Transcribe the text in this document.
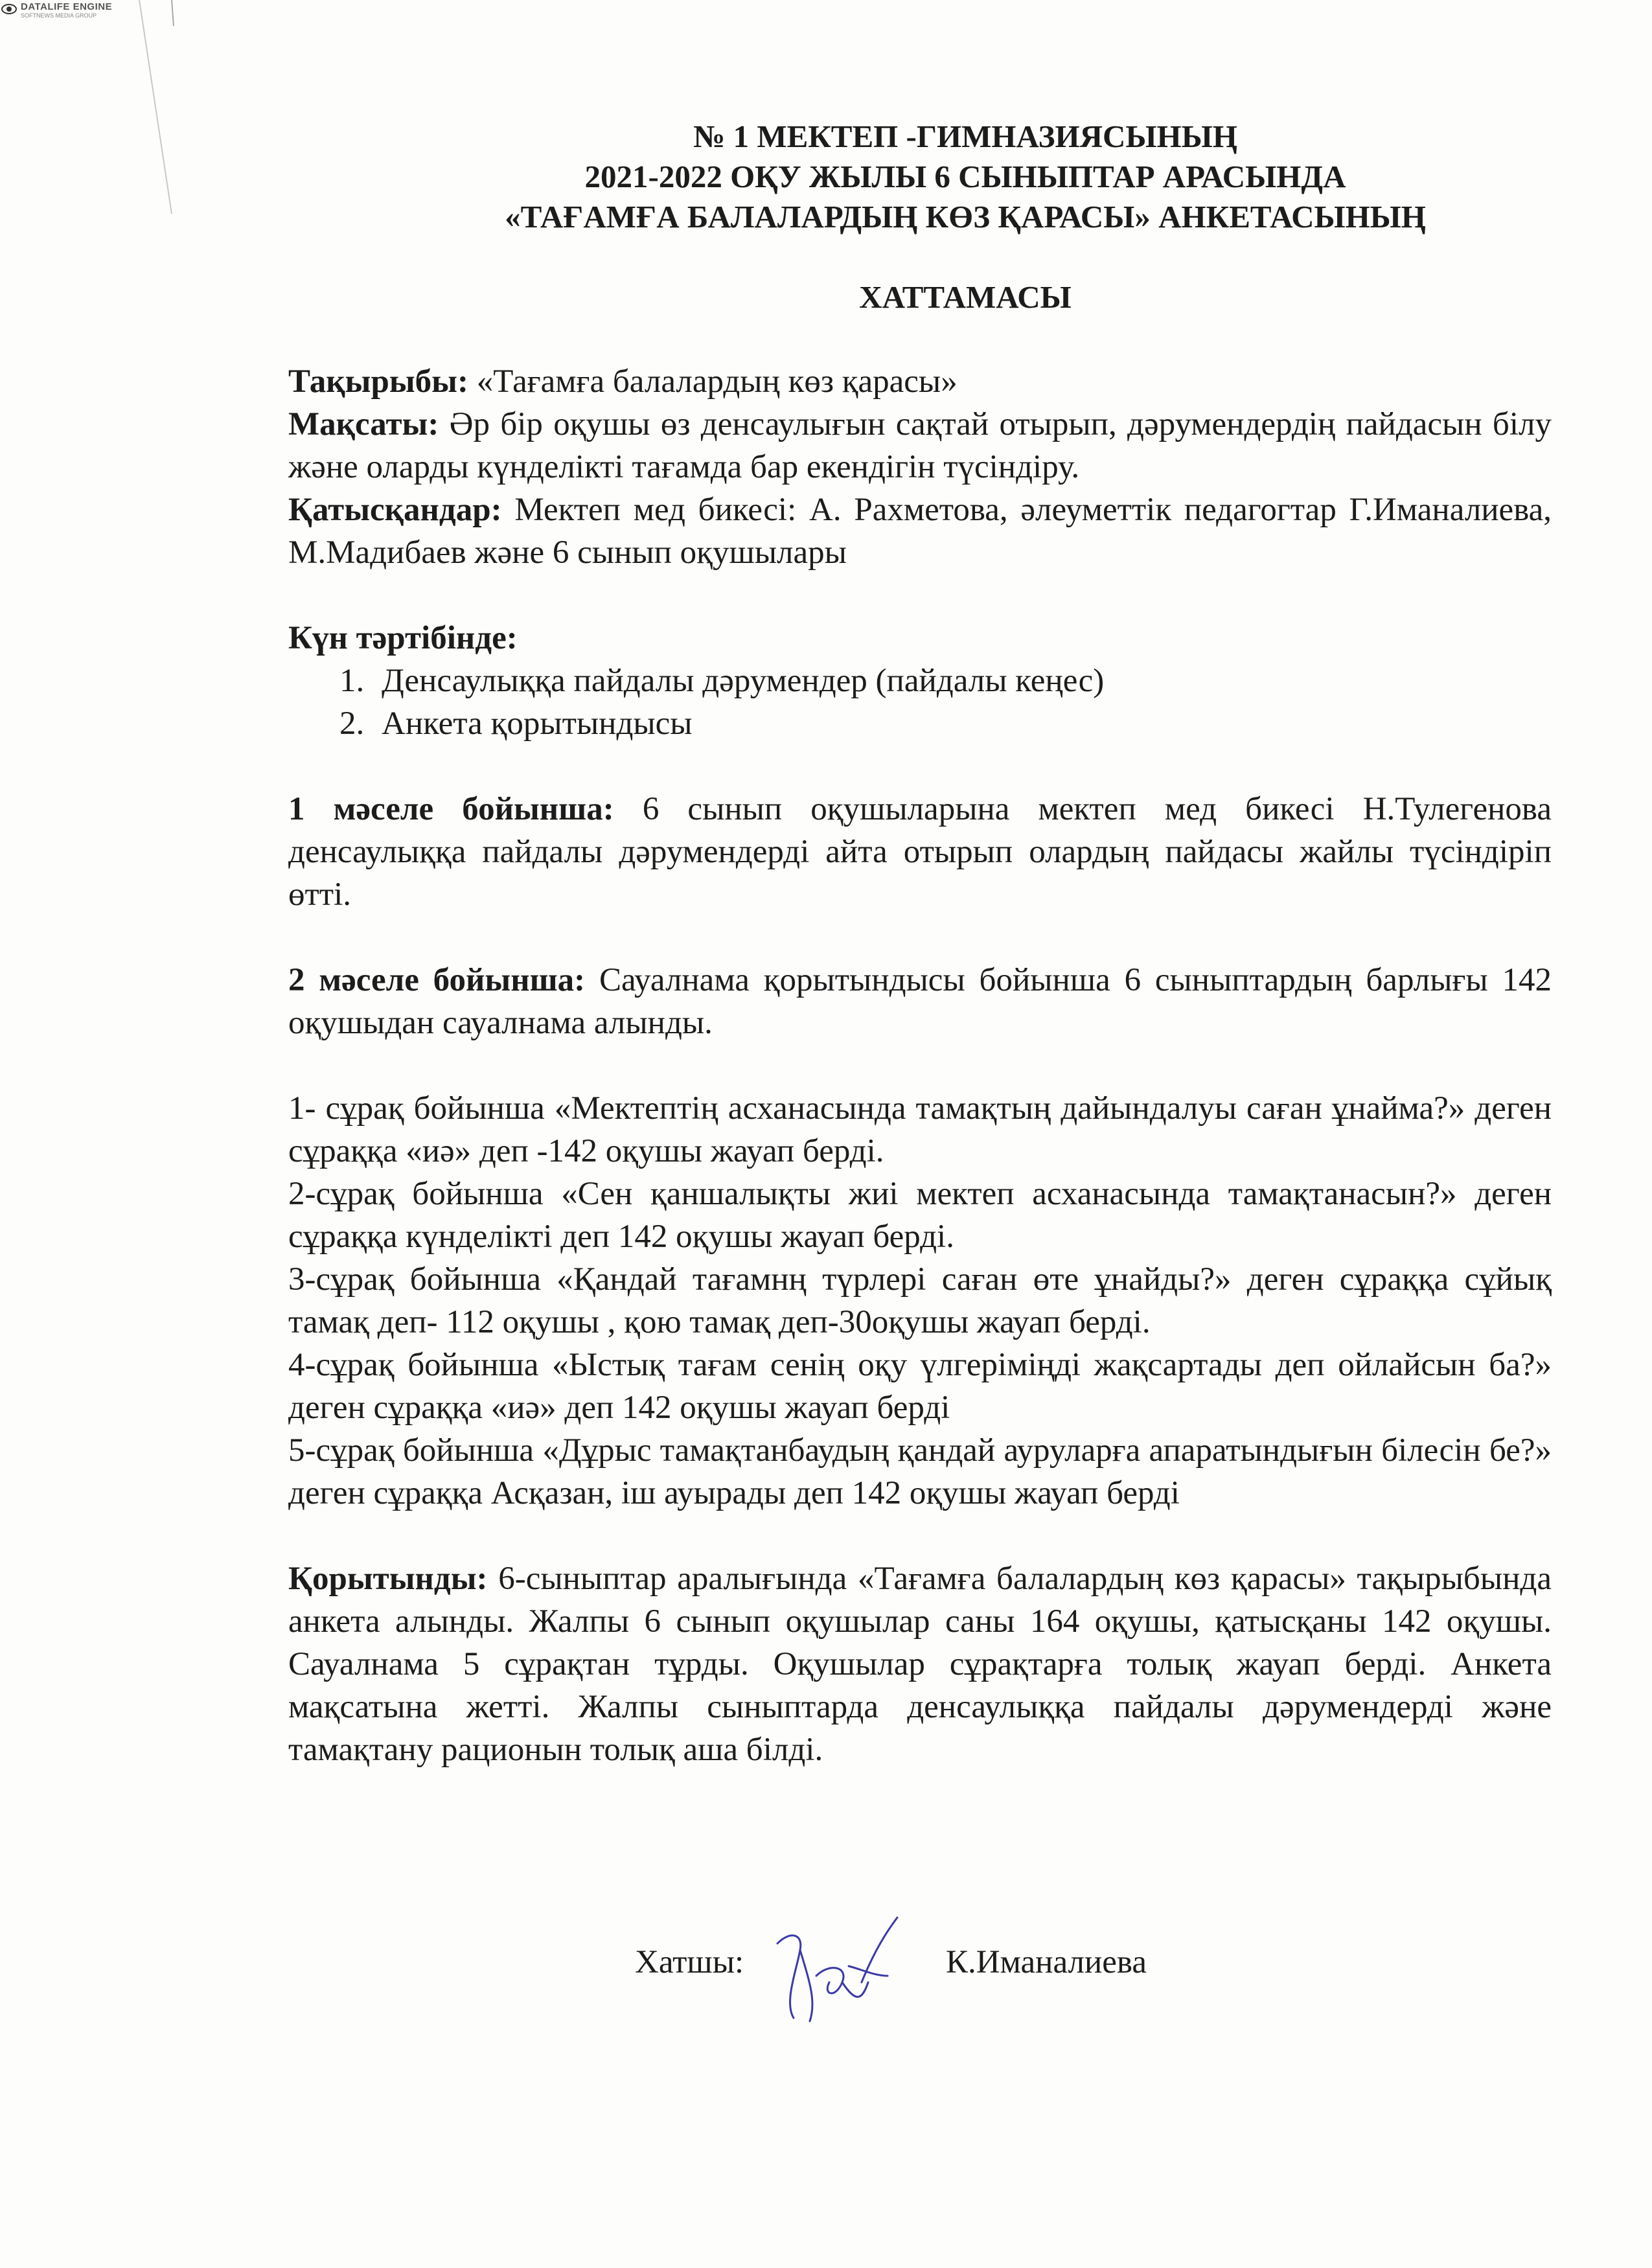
DATALIFE ENGINE
SOFTNEWS MEDIA GROUP
№ 1 МЕКТЕП -ГИМНАЗИЯСЫНЫҢ
2021-2022 ОҚУ ЖЫЛЫ 6 СЫНЫПТАР АРАСЫНДА
«ТАҒАМҒА БАЛАЛАРДЫҢ КӨЗ ҚАРАСЫ» АНКЕТАСЫНЫҢ
ХАТТАМАСЫ

Тақырыбы: «Тағамға балалардың көз қарасы»

Мақсаты: Әр бір оқушы өз денсаулығын сақтай отырып, дәрумендердің пайдасын білу және оларды күнделікті тағамда бар екендігін түсіндіру.

Қатысқандар: Мектеп мед бикесі: А. Рахметова, әлеуметтік педагогтар Г.Иманалиева, М.Мадибаев және 6 сынып оқушылары

Күн тәртібінде:

1. Денсаулыққа пайдалы дәрумендер (пайдалы кеңес)
2. Анкета қорытындысы

1 мәселе бойынша: 6 сынып оқушыларына мектеп мед бикесі Н.Тулегенова денсаулыққа пайдалы дәрумендерді айта отырып олардың пайдасы жайлы түсіндіріп өтті.

2 мәселе бойынша: Сауалнама қорытындысы бойынша 6 сыныптардың барлығы 142 оқушыдан сауалнама алынды.

1- сұрақ бойынша «Мектептің асханасында тамақтың дайындалуы саған ұнайма?» деген сұраққа «иә» деп -142 оқушы жауап берді.

2-сұрақ бойынша «Сен қаншалықты жиі мектеп асханасында тамақтанасын?» деген сұраққа күнделікті деп 142 оқушы жауап берді.

3-сұрақ бойынша «Қандай тағамнң түрлері саған өте ұнайды?» деген сұраққа сұйық тамақ деп- 112 оқушы , қою тамақ деп-30оқушы жауап берді.

4-сұрақ бойынша «Ыстық тағам сенің оқу үлгеріміңді жақсартады деп ойлайсын ба?» деген сұраққа «иә» деп 142 оқушы жауап берді

5-сұрақ бойынша «Дұрыс тамақтанбаудың қандай ауруларға апаратындығын білесін бе?» деген сұраққа Асқазан, іш ауырады деп 142 оқушы жауап берді

Қорытынды: 6-сыныптар аралығында «Тағамға балалардың көз қарасы» тақырыбында анкета алынды. Жалпы 6 сынып оқушылар саны 164 оқушы, қатысқаны 142 оқушы. Сауалнама 5 сұрақтан тұрды. Оқушылар сұрақтарға толық жауап берді. Анкета мақсатына жетті. Жалпы сыныптарда денсаулыққа пайдалы дәрумендерді және тамақтану рационын толық аша білді.

Хатшы:	К.Иманалиева
